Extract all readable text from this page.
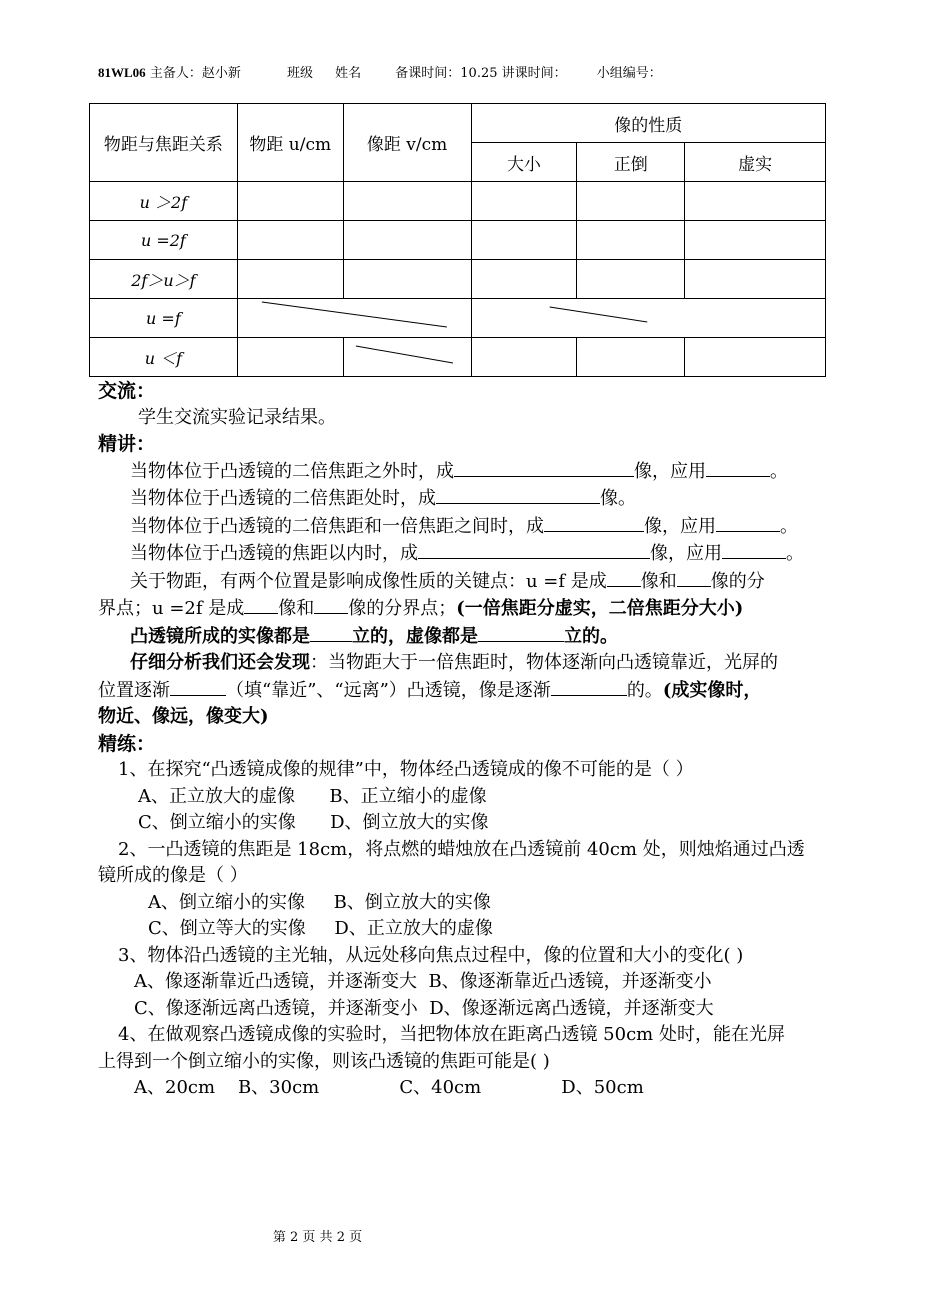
81WL06 主备人：赵小新	班级 姓名	备课时间：10.25 讲课时间： 小组编号：
物距与焦距关系	物距 u/cm	像距 v/cm	像的性质		
			大小	正倒	虚实
u ＞2f					
u =2f					
2f＞u＞f					
u =f	

u ＜f		

交流：

学生交流实验记录结果。

精讲：

当物体位于凸透镜的二倍焦距之外时，成	像，应用	。

当物体位于凸透镜的二倍焦距处时，成	像。

当物体位于凸透镜的二倍焦距和一倍焦距之间时，成	像，应用	。

当物体位于凸透镜的焦距以内时，成	像，应用	。

关于物距，有两个位置是影响成像性质的关键点：u =f 是成 像和 像的分

界点；u =2f 是成 像和 像的分界点；(一倍焦距分虚实，二倍焦距分大小)

凸透镜所成的实像都是 立的，虚像都是	立的。

仔细分析我们还会发现：当物距大于一倍焦距时，物体逐渐向凸透镜靠近，光屏的

位置逐渐	（填“靠近”、“远离”）凸透镜，像是逐渐	的。(成实像时，

物近、像远，像变大)

精练：

1、在探究“凸透镜成像的规律”中，物体经凸透镜成的像不可能的是（ ）

A、正立放大的虚像 B、正立缩小的虚像

C、倒立缩小的实像 D、倒立放大的实像

2、一凸透镜的焦距是 18cm，将点燃的蜡烛放在凸透镜前 40cm 处，则烛焰通过凸透

镜所成的像是（ ）

A、倒立缩小的实像 B、倒立放大的实像

C、倒立等大的实像 D、正立放大的虚像

3、物体沿凸透镜的主光轴，从远处移向焦点过程中，像的位置和大小的变化( )

A、像逐渐靠近凸透镜，并逐渐变大 B、像逐渐靠近凸透镜，并逐渐变小

C、像逐渐远离凸透镜，并逐渐变小 D、像逐渐远离凸透镜，并逐渐变大

4、在做观察凸透镜成像的实验时，当把物体放在距离凸透镜 50cm 处时，能在光屏

上得到一个倒立缩小的实像，则该凸透镜的焦距可能是( )

A、20cm B、30cm	C、40cm	D、50cm

第 2 页 共 2 页
